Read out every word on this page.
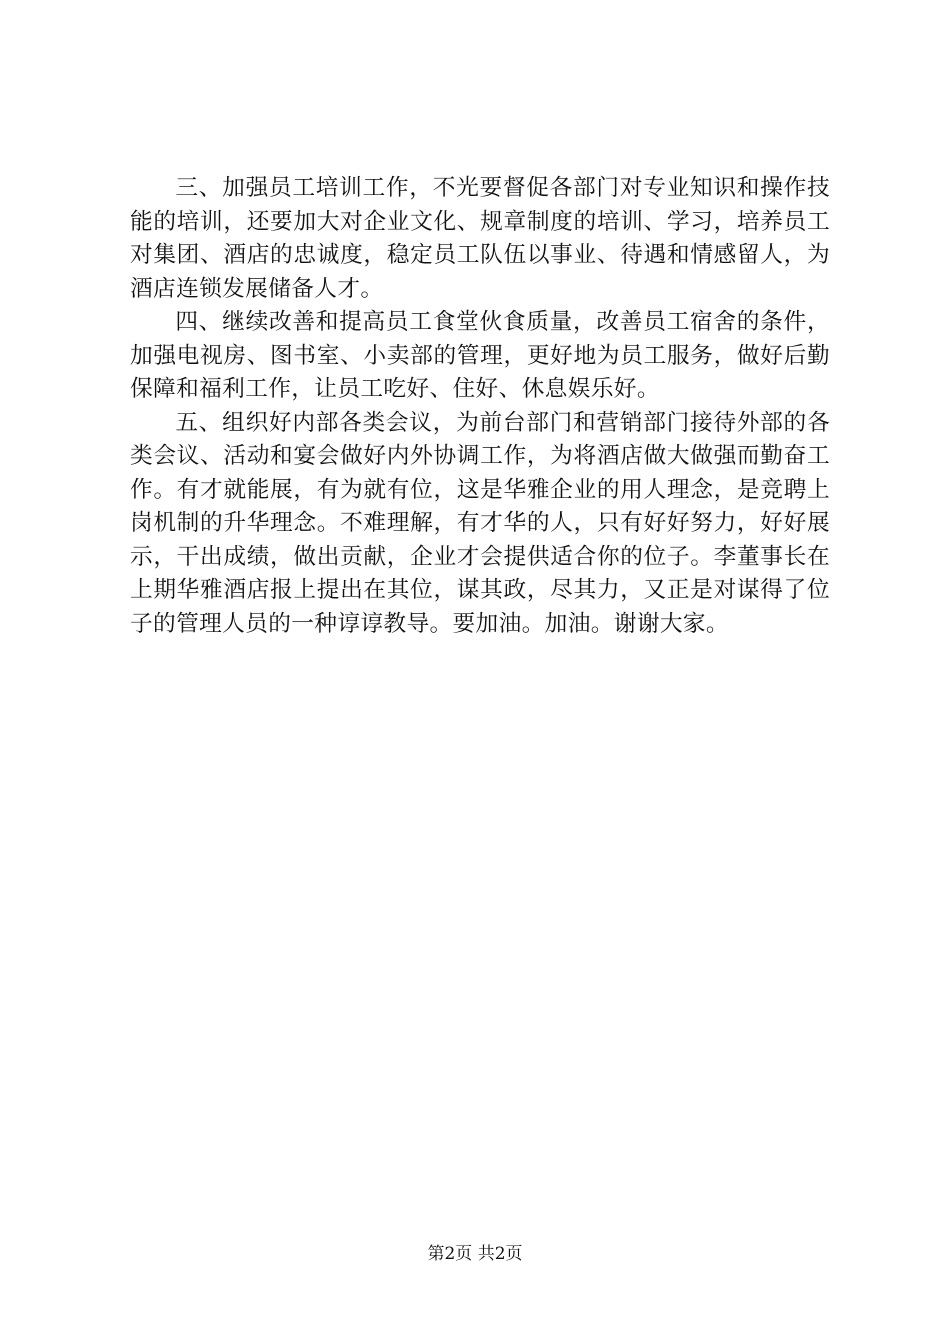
三、加强员工培训工作，不光要督促各部门对专业知识和操作技能的培训，还要加大对企业文化、规章制度的培训、学习，培养员工对集团、酒店的忠诚度，稳定员工队伍以事业、待遇和情感留人，为酒店连锁发展储备人才。

四、继续改善和提高员工食堂伙食质量，改善员工宿舍的条件，加强电视房、图书室、小卖部的管理，更好地为员工服务，做好后勤保障和福利工作，让员工吃好、住好、休息娱乐好。

五、组织好内部各类会议，为前台部门和营销部门接待外部的各类会议、活动和宴会做好内外协调工作，为将酒店做大做强而勤奋工作。有才就能展，有为就有位，这是华雅企业的用人理念，是竞聘上岗机制的升华理念。不难理解，有才华的人，只有好好努力，好好展示，干出成绩，做出贡献，企业才会提供适合你的位子。李董事长在上期华雅酒店报上提出在其位，谋其政，尽其力，又正是对谋得了位子的管理人员的一种谆谆教导。要加油。加油。谢谢大家。

第2页 共2页
